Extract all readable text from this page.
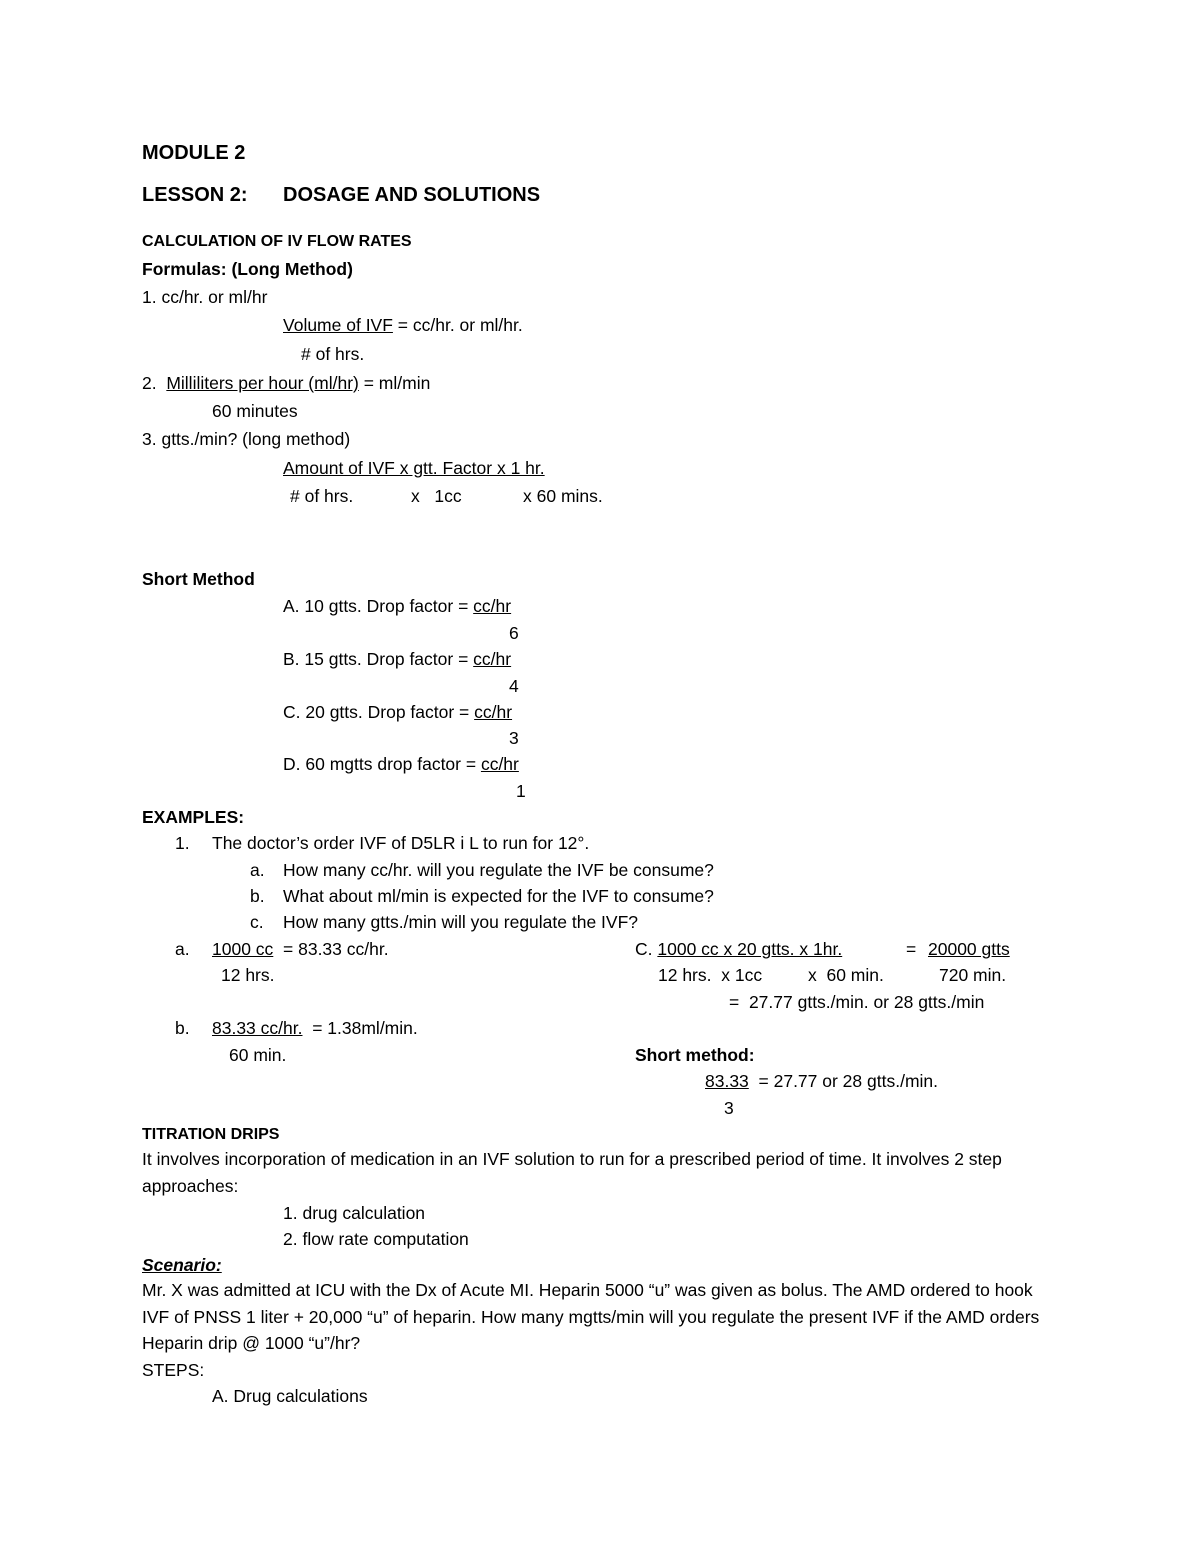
MODULE 2
LESSON 2: DOSAGE AND SOLUTIONS
CALCULATION OF IV FLOW RATES
Formulas: (Long Method)
1. cc/hr. or ml/hr
Volume of IVF = cc/hr. or ml/hr.
# of hrs.
2.  Milliliters per hour (ml/hr) = ml/min
60 minutes
3. gtts./min? (long method)
Amount of IVF x gtt. Factor x 1 hr.
# of hrs.	x   1cc	x 60 mins.
Short Method
A. 10 gtts. Drop factor = cc/hr
6
B. 15 gtts. Drop factor = cc/hr
4
C. 20 gtts. Drop factor = cc/hr
3
D. 60 mgtts drop factor = cc/hr
1
EXAMPLES:
1. The doctor’s order IVF of D5LR i L to run for 12°.
a. How many cc/hr. will you regulate the IVF be consume?
b. What about ml/min is expected for the IVF to consume?
c. How many gtts./min will you regulate the IVF?
a. 1000 cc  = 83.33 cc/hr.
12 hrs.
b. 83.33 cc/hr.  = 1.38ml/min.
60 min.
C. 1000 cc x 20 gtts. x 1hr.	= 20000 gtts
12 hrs.  x 1cc	x  60 min.	720 min.
=  27.77 gtts./min. or 28 gtts./min
Short method:
83.33  = 27.77 or 28 gtts./min.
3
TITRATION DRIPS
It involves incorporation of medication in an IVF solution to run for a prescribed period of time. It involves 2 step approaches:
1. drug calculation
2. flow rate computation
Scenario:
Mr. X was admitted at ICU with the Dx of Acute MI. Heparin 5000 “u” was given as bolus. The AMD ordered to hook IVF of PNSS 1 liter + 20,000 “u” of heparin. How many mgtts/min will you regulate the present IVF if the AMD orders Heparin drip @ 1000 “u”/hr?
STEPS:
A. Drug calculations
